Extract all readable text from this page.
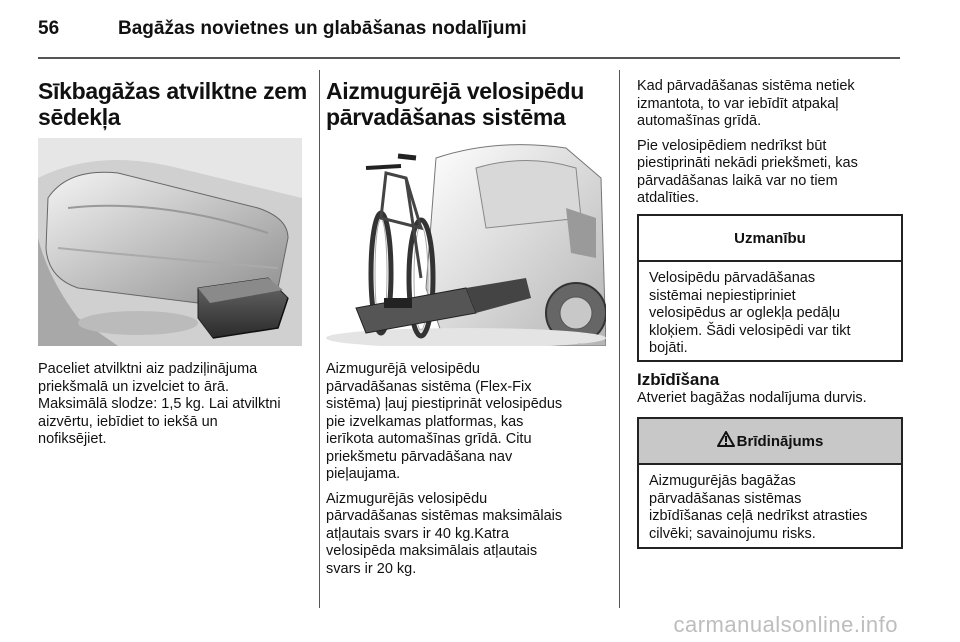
56	Bagāžas novietnes un glabāšanas nodalījumi
Sīkbagāžas atvilktne zem
sēdekļa

Paceliet atvilktni aiz padziļinājuma
priekšmalā un izvelciet to ārā.
Maksimālā slodze: 1,5 kg. Lai atvilktni
aizvērtu, iebīdiet to iekšā un
nofiksējiet.

Aizmugurējā velosipēdu
pārvadāšanas sistēma

Aizmugurējā velosipēdu
pārvadāšanas sistēma (Flex-Fix
sistēma) ļauj piestiprināt velosipēdus
pie izvelkamas platformas, kas
ierīkota automašīnas grīdā. Citu
priekšmetu pārvadāšana nav
pieļaujama.

Aizmugurējās velosipēdu
pārvadāšanas sistēmas maksimālais
atļautais svars ir 40 kg.Katra
velosipēda maksimālais atļautais
svars ir 20 kg.

Kad pārvadāšanas sistēma netiek
izmantota, to var iebīdīt atpakaļ
automašīnas grīdā.

Pie velosipēdiem nedrīkst būt
piestiprināti nekādi priekšmeti, kas
pārvadāšanas laikā var no tiem
atdalīties.

Uzmanību
Velosipēdu pārvadāšanas
sistēmai nepiestipriniet
velosipēdus ar oglekļa pedāļu
kloķiem. Šādi velosipēdi var tikt
bojāti.
Izbīdīšana

Atveriet bagāžas nodalījuma durvis.

Brīdinājums
Aizmugurējās bagāžas
pārvadāšanas sistēmas
izbīdīšanas ceļā nedrīkst atrasties
cilvēki; savainojumu risks.
carmanualsonline.info
